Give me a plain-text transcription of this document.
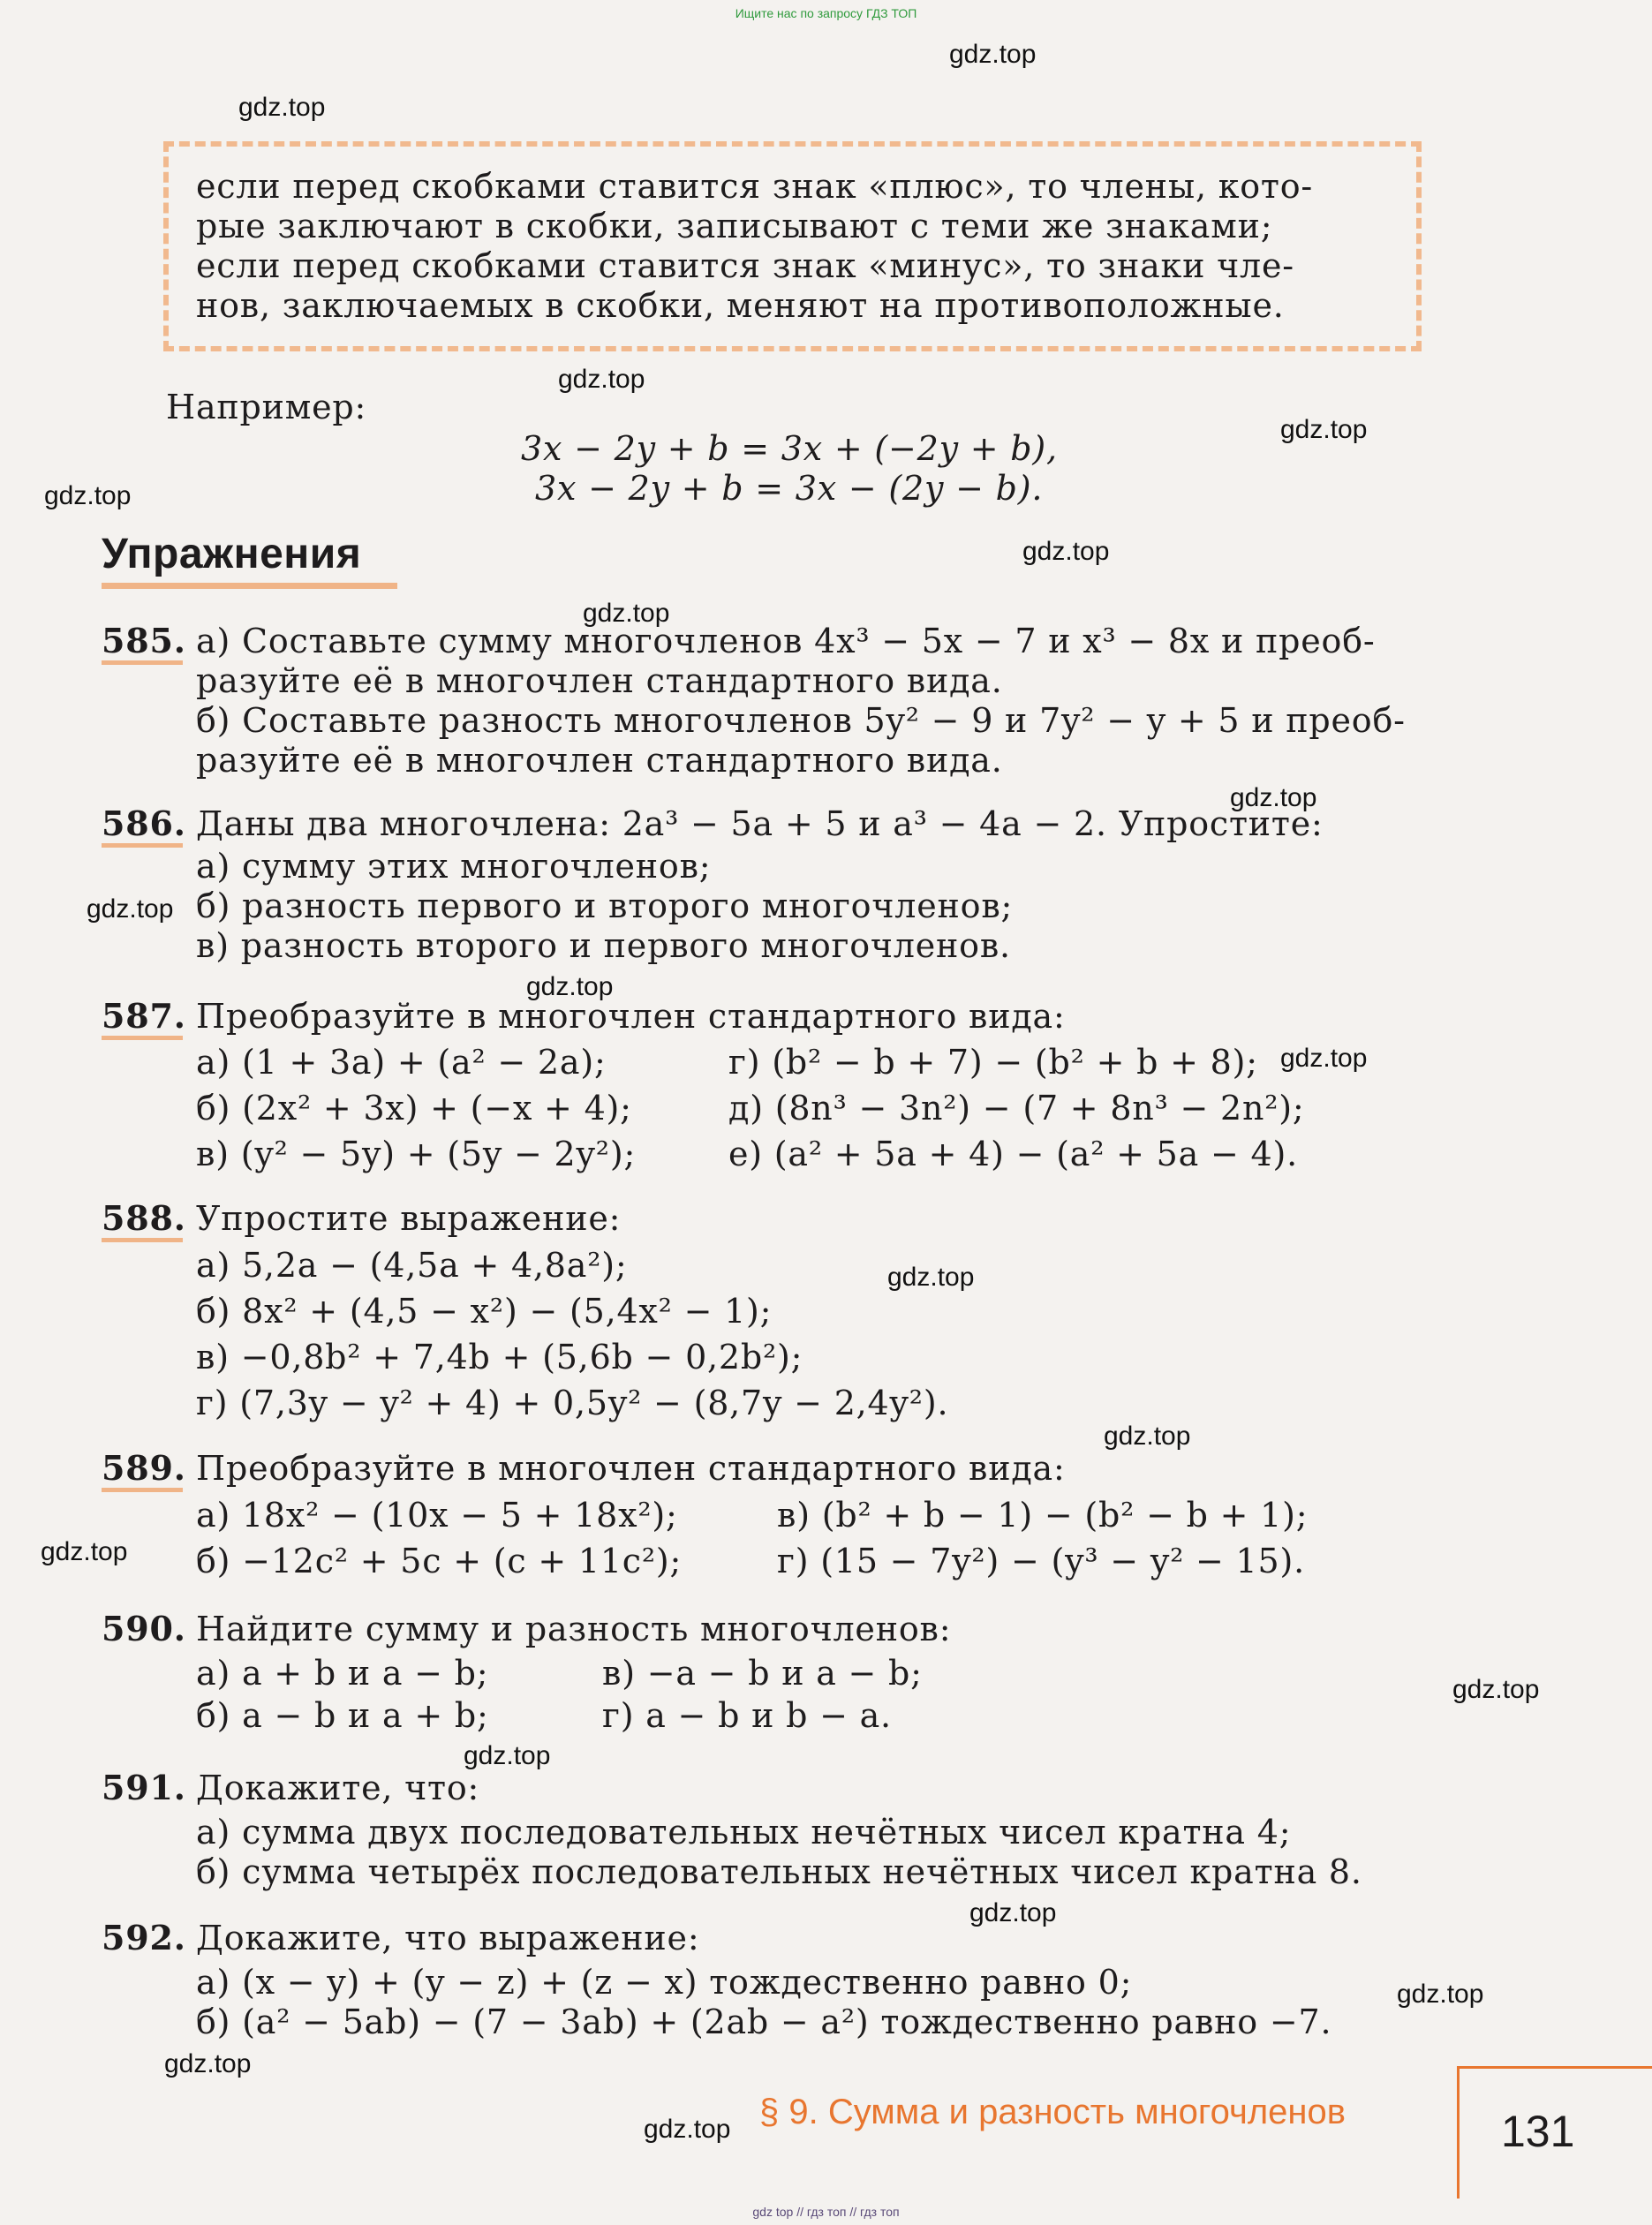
Ищите нас по запросу ГДЗ ТОП
gdz.top
gdz.top
gdz.top
gdz.top
gdz.top
gdz.top
gdz.top
gdz.top
gdz.top
gdz.top
gdz.top
gdz.top
gdz.top
gdz.top
gdz.top
gdz.top
gdz.top
gdz.top
gdz.top
gdz.top
если перед скобками ставится знак «плюс», то члены, кото-
рые заключают в скобки, записывают с теми же знаками;
если перед скобками ставится знак «минус», то знаки чле-
нов, заключаемых в скобки, меняют на противоположные.
Например:
3x − 2y + b = 3x + (−2y + b),
3x − 2y + b = 3x − (2y − b).
Упражнения
585. а) Составьте сумму многочленов 4x³ − 5x − 7 и x³ − 8x и преоб-
разуйте её в многочлен стандартного вида.
б) Составьте разность многочленов 5y² − 9 и 7y² − y + 5 и преоб-
разуйте её в многочлен стандартного вида.
586. Даны два многочлена: 2a³ − 5a + 5 и a³ − 4a − 2. Упростите:
а) сумму этих многочленов;
б) разность первого и второго многочленов;
в) разность второго и первого многочленов.
587. Преобразуйте в многочлен стандартного вида:
а) (1 + 3a) + (a² − 2a);
б) (2x² + 3x) + (−x + 4);
в) (y² − 5y) + (5y − 2y²);
г) (b² − b + 7) − (b² + b + 8);
д) (8n³ − 3n²) − (7 + 8n³ − 2n²);
е) (a² + 5a + 4) − (a² + 5a − 4).
588. Упростите выражение:
а) 5,2a − (4,5a + 4,8a²);
б) 8x² + (4,5 − x²) − (5,4x² − 1);
в) −0,8b² + 7,4b + (5,6b − 0,2b²);
г) (7,3y − y² + 4) + 0,5y² − (8,7y − 2,4y²).
589. Преобразуйте в многочлен стандартного вида:
а) 18x² − (10x − 5 + 18x²);
б) −12c² + 5c + (c + 11c²);
в) (b² + b − 1) − (b² − b + 1);
г) (15 − 7y²) − (y³ − y² − 15).
590. Найдите сумму и разность многочленов:
а) a + b и a − b;
б) a − b и a + b;
в) −a − b и a − b;
г) a − b и b − a.
591. Докажите, что:
а) сумма двух последовательных нечётных чисел кратна 4;
б) сумма четырёх последовательных нечётных чисел кратна 8.
592. Докажите, что выражение:
а) (x − y) + (y − z) + (z − x) тождественно равно 0;
б) (a² − 5ab) − (7 − 3ab) + (2ab − a²) тождественно равно −7.
§ 9. Сумма и разность многочленов	131
gdz top // гдз топ // гдз топ
